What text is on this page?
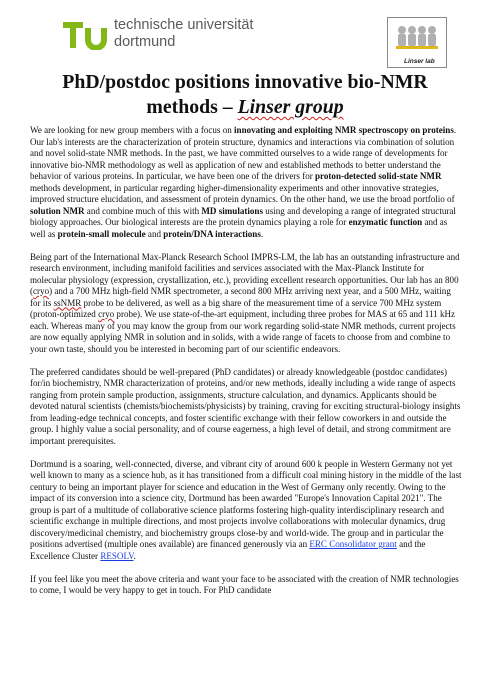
technische universität
dortmund
Linser lab
PhD/postdoc positions innovative bio-NMR methods – Linser group

We are looking for new group members with a focus on innovating and exploiting NMR spectroscopy on proteins.
Our lab's interests are the characterization of protein structure, dynamics and interactions via combination of solution and novel solid-state NMR methods. In the past, we have committed ourselves to a wide range of developments for innovative bio-NMR methodology as well as application of new and established methods to better understand the behavior of various proteins. In particular, we have been one of the drivers for proton-detected solid-state NMR methods development, in particular regarding higher-dimensionality experiments and other innovative strategies, improved structure elucidation, and assessment of protein dynamics. On the other hand, we use the broad portfolio of solution NMR and combine much of this with MD simulations using and developing a range of integrated structural biology approaches. Our biological interests are the protein dynamics playing a role for enzymatic function and as well as protein-small molecule and protein/DNA interactions.

Being part of the International Max-Planck Research School IMPRS-LM, the lab has an outstanding infrastructure and research environment, including manifold facilities and services associated with the Max-Planck Institute for molecular physiology (expression, crystallization, etc.), providing excellent research opportunities. Our lab has an 800 (cryo) and a 700 MHz high-field NMR spectrometer, a second 800 MHz arriving next year, and a 500 MHz, waiting for its ssNMR probe to be delivered, as well as a big share of the measurement time of a service 700 MHz system (proton-optimized cryo probe). We use state-of-the-art equipment, including three probes for MAS at 65 and 111 kHz each. Whereas many of you may know the group from our work regarding solid-state NMR methods, current projects are now equally applying NMR in solution and in solids, with a wide range of facets to choose from and combine to your own taste, should you be interested in becoming part of our scientific endeavors.

The preferred candidates should be well-prepared (PhD candidates) or already knowledgeable (postdoc candidates) for/in biochemistry, NMR characterization of proteins, and/or new methods, ideally including a wide range of aspects ranging from protein sample production, assignments, structure calculation, and dynamics. Applicants should be devoted natural scientists (chemists/biochemists/physicists) by training, craving for exciting structural-biology insights from leading-edge technical concepts, and foster scientific exchange with their fellow coworkers in and outside the group. I highly value a social personality, and of course eagerness, a high level of detail, and strong commitment are important prerequisites.

Dortmund is a soaring, well-connected, diverse, and vibrant city of around 600 k people in Western Germany not yet well known to many as a science hub, as it has transitioned from a difficult coal mining history in the middle of the last century to being an important player for science and education in the West of Germany only recently. Owing to the impact of its conversion into a science city, Dortmund has been awarded "Europe's Innovation Capital 2021". The group is part of a multitude of collaborative science platforms fostering high-quality interdisciplinary research and scientific exchange in multiple directions, and most projects involve collaborations with molecular dynamics, drug discovery/medicinal chemistry, and biochemistry groups close-by and world-wide. The group and in particular the positions advertised (multiple ones available) are financed generously via an ERC Consolidator grant and the Excellence Cluster RESOLV.

If you feel like you meet the above criteria and want your face to be associated with the creation of NMR technologies to come, I would be very happy to get in touch. For PhD candidate
